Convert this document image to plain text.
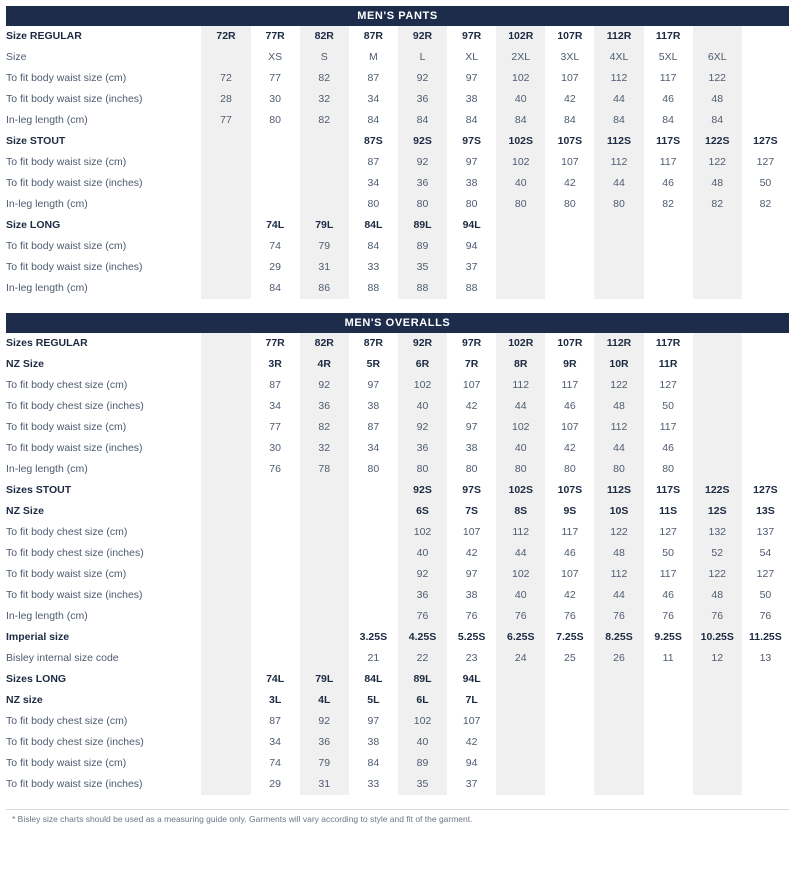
MEN'S PANTS												
Size REGULAR	72R	77R	82R	87R	92R	97R	102R	107R	112R	117R		
Size		XS	S	M	L	XL	2XL	3XL	4XL	5XL	6XL	
To fit body waist size (cm)	72	77	82	87	92	97	102	107	112	117	122	
To fit body waist size (inches)	28	30	32	34	36	38	40	42	44	46	48	
In-leg length (cm)	77	80	82	84	84	84	84	84	84	84	84	
Size STOUT				87S	92S	97S	102S	107S	112S	117S	122S	127S
To fit body waist size (cm)				87	92	97	102	107	112	117	122	127
To fit body waist size (inches)				34	36	38	40	42	44	46	48	50
In-leg length (cm)				80	80	80	80	80	80	82	82	82
Size LONG		74L	79L	84L	89L	94L						
To fit body waist size (cm)		74	79	84	89	94						
To fit body waist size (inches)		29	31	33	35	37						
In-leg length (cm)		84	86	88	88	88						
MEN'S OVERALLS												
Sizes REGULAR		77R	82R	87R	92R	97R	102R	107R	112R	117R		
NZ Size		3R	4R	5R	6R	7R	8R	9R	10R	11R		
To fit body chest size (cm)		87	92	97	102	107	112	117	122	127		
To fit body chest size (inches)		34	36	38	40	42	44	46	48	50		
To fit body waist size (cm)		77	82	87	92	97	102	107	112	117		
To fit body waist size (inches)		30	32	34	36	38	40	42	44	46		
In-leg length (cm)		76	78	80	80	80	80	80	80	80		
Sizes STOUT					92S	97S	102S	107S	112S	117S	122S	127S
NZ Size					6S	7S	8S	9S	10S	11S	12S	13S
To fit body chest size (cm)					102	107	112	117	122	127	132	137
To fit body chest size (inches)					40	42	44	46	48	50	52	54
To fit body waist size (cm)					92	97	102	107	112	117	122	127
To fit body waist size (inches)					36	38	40	42	44	46	48	50
In-leg length (cm)					76	76	76	76	76	76	76	76
Imperial size				3.25S	4.25S	5.25S	6.25S	7.25S	8.25S	9.25S	10.25S	11.25S
Bisley internal size code				21	22	23	24	25	26	11	12	13
Sizes LONG		74L	79L	84L	89L	94L						
NZ size		3L	4L	5L	6L	7L						
To fit body chest size (cm)		87	92	97	102	107						
To fit body chest size (inches)		34	36	38	40	42						
To fit body waist size (cm)		74	79	84	89	94						
To fit body waist size (inches)		29	31	33	35	37						
* Bisley size charts should be used as a measuring guide only. Garments will vary according to style and fit of the garment.
